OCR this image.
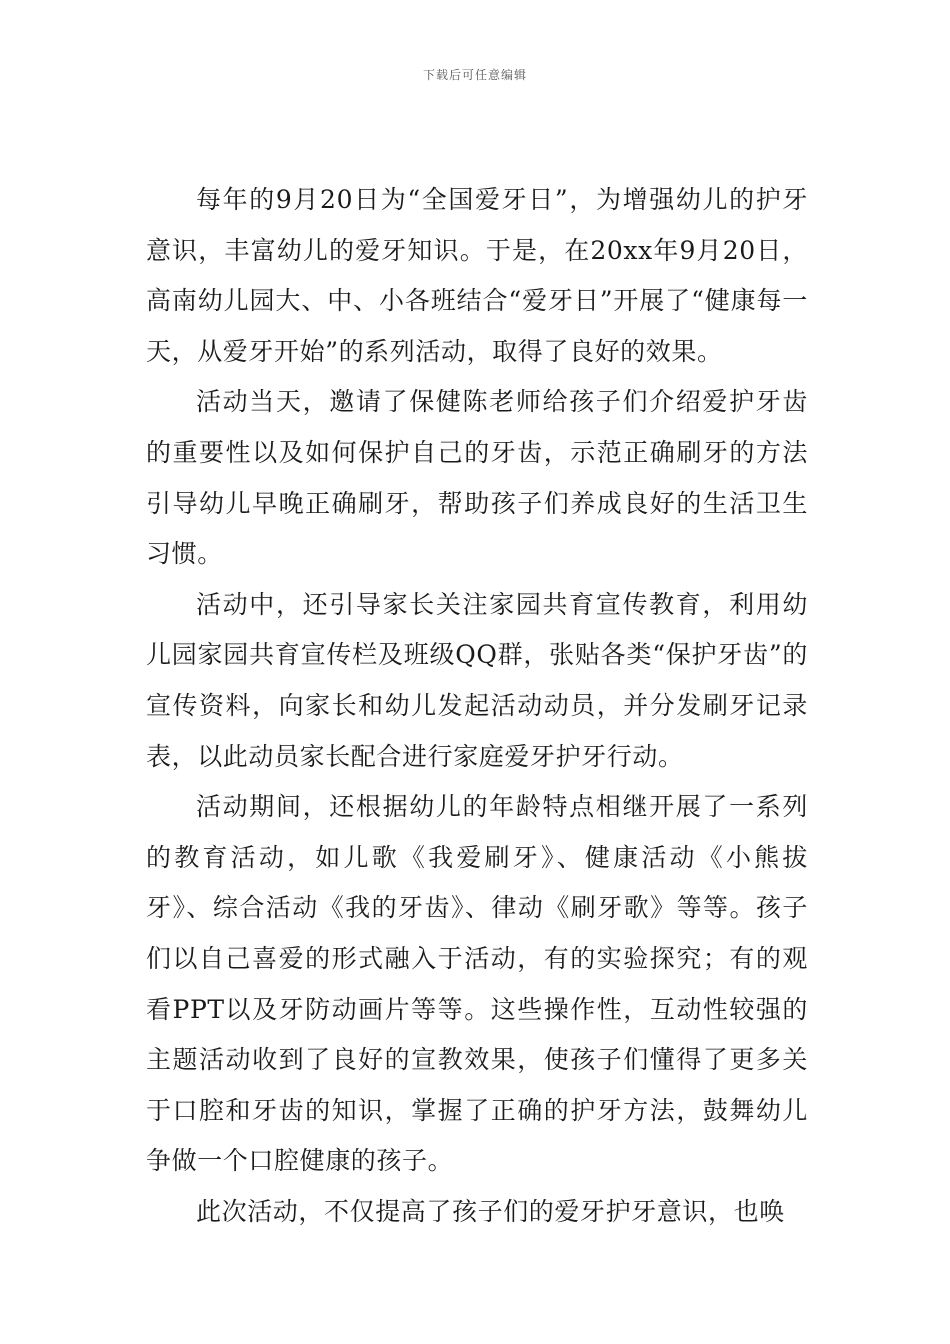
下载后可任意编辑

每年的9月20日为“全国爱牙日”，为增强幼儿的护牙意识，丰富幼儿的爱牙知识。于是，在20xx年9月20日，高南幼儿园大、中、小各班结合“爱牙日”开展了“健康每一天，从爱牙开始”的系列活动，取得了良好的效果。

活动当天，邀请了保健陈老师给孩子们介绍爱护牙齿的重要性以及如何保护自己的牙齿，示范正确刷牙的方法引导幼儿早晚正确刷牙，帮助孩子们养成良好的生活卫生习惯。

活动中，还引导家长关注家园共育宣传教育，利用幼儿园家园共育宣传栏及班级QQ群，张贴各类“保护牙齿”的宣传资料，向家长和幼儿发起活动动员，并分发刷牙记录表，以此动员家长配合进行家庭爱牙护牙行动。

活动期间，还根据幼儿的年龄特点相继开展了一系列的教育活动，如儿歌《我爱刷牙》、健康活动《小熊拔牙》、综合活动《我的牙齿》、律动《刷牙歌》等等。孩子们以自己喜爱的形式融入于活动，有的实验探究；有的观看PPT以及牙防动画片等等。这些操作性，互动性较强的主题活动收到了良好的宣教效果，使孩子们懂得了更多关于口腔和牙齿的知识，掌握了正确的护牙方法，鼓舞幼儿争做一个口腔健康的孩子。

此次活动，不仅提高了孩子们的爱牙护牙意识，也唤
